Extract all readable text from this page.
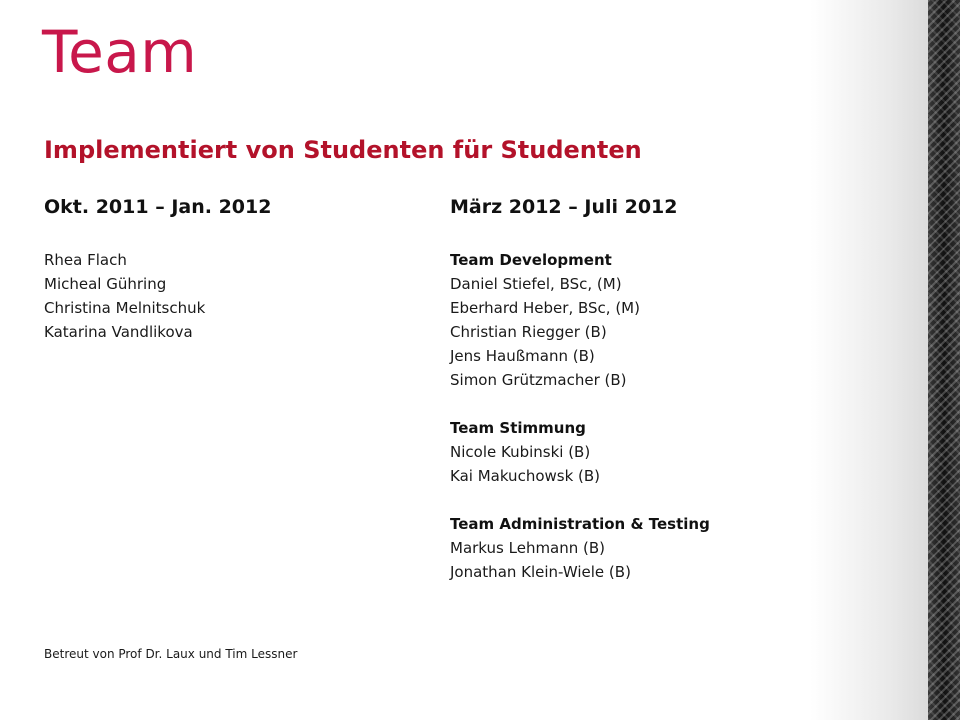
Team
Implementiert von Studenten für Studenten
Okt. 2011 – Jan. 2012
Rhea Flach
Micheal Gühring
Christina Melnitschuk
Katarina Vandlikova
März 2012 – Juli 2012
Team Development
Daniel Stiefel, BSc, (M)
Eberhard Heber, BSc, (M)
Christian Riegger (B)
Jens Haußmann (B)
Simon Grützmacher (B)
Team Stimmung
Nicole Kubinski (B)
Kai Makuchowsk (B)
Team Administration & Testing
Markus Lehmann (B)
Jonathan Klein-Wiele (B)
Betreut von Prof Dr. Laux und Tim Lessner
